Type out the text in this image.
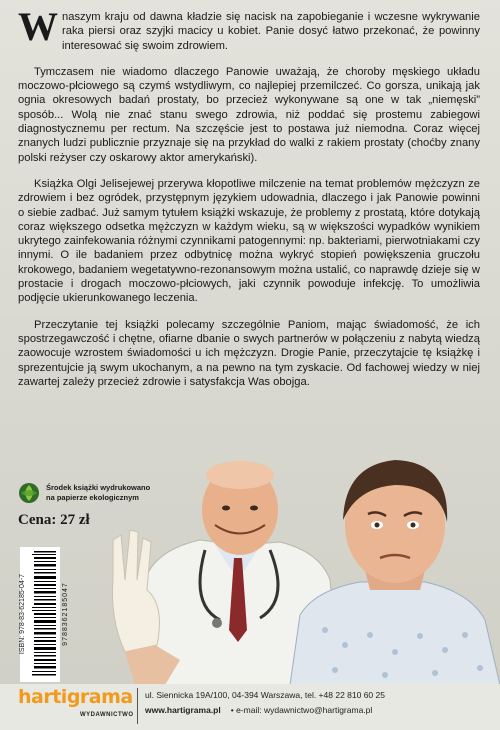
Wnaszym kraju od dawna kładzie się nacisk na zapobieganie i wczesne wykrywanie raka piersi oraz szyjki macicy u kobiet. Panie dosyć łatwo przekonać, że powinny interesować się swoim zdrowiem.

Tymczasem nie wiadomo dlaczego Panowie uważają, że choroby męskiego układu moczowo-płciowego są czymś wstydliwym, co najlepiej przemilczeć. Co gorsza, unikają jak ognia okresowych badań prostaty, bo przecież wykonywane są one w tak „niemęski” sposób... Wolą nie znać stanu swego zdrowia, niż poddać się prostemu zabiegowi diagnostycznemu per rectum. Na szczęście jest to postawa już niemodna. Coraz więcej znanych ludzi publicznie przyznaje się na przykład do walki z rakiem prostaty (choćby znany polski reżyser czy oskarowy aktor amerykański).

Książka Olgi Jelisejewej przerywa kłopotliwe milczenie na temat problemów mężczyzn ze zdrowiem i bez ogródek, przystępnym językiem udowadnia, dlaczego i jak Panowie powinni o siebie zadbać. Już samym tytułem książki wskazuje, że problemy z prostatą, które dotykają coraz większego odsetka mężczyzn w każdym wieku, są w większości wypadków wynikiem ukrytego zainfekowania różnymi czynnikami patogennymi: np. bakteriami, pierwotniakami czy innymi. O ile badaniem przez odbytnicę można wykryć stopień powiększenia gruczołu krokowego, badaniem wegetatywno-rezonansowym można ustalić, co naprawdę dzieje się w prostacie i drogach moczowo-płciowych, jaki czynnik powoduje infekcję. To umożliwia podjęcie ukierunkowanego leczenia.

Przeczytanie tej książki polecamy szczególnie Paniom, mając świadomość, że ich spostrzegawczość i chętne, ofiarne dbanie o swych partnerów w połączeniu z nabytą wiedzą zaowocuje wzrostem świadomości u ich mężczyzn. Drogie Panie, przeczytajcie tę książkę i sprezentujcie ją swym ukochanym, a na pewno na tym zyskacie. Od fachowej wiedzy w niej zawartej zależy przecież zdrowie i satysfakcja Was obojga.

Środek książki wydrukowano
na papierze ekologicznym
Cena: 27 zł
ISBN: 978-83-62185-04-7	9788362185047
hartigrama
WYDAWNICTWO
ul. Siennicka 19A/100, 04-394 Warszawa, tel. +48 22 810 60 25
www.hartigrama.pl • e-mail: wydawnictwo@hartigrama.pl
